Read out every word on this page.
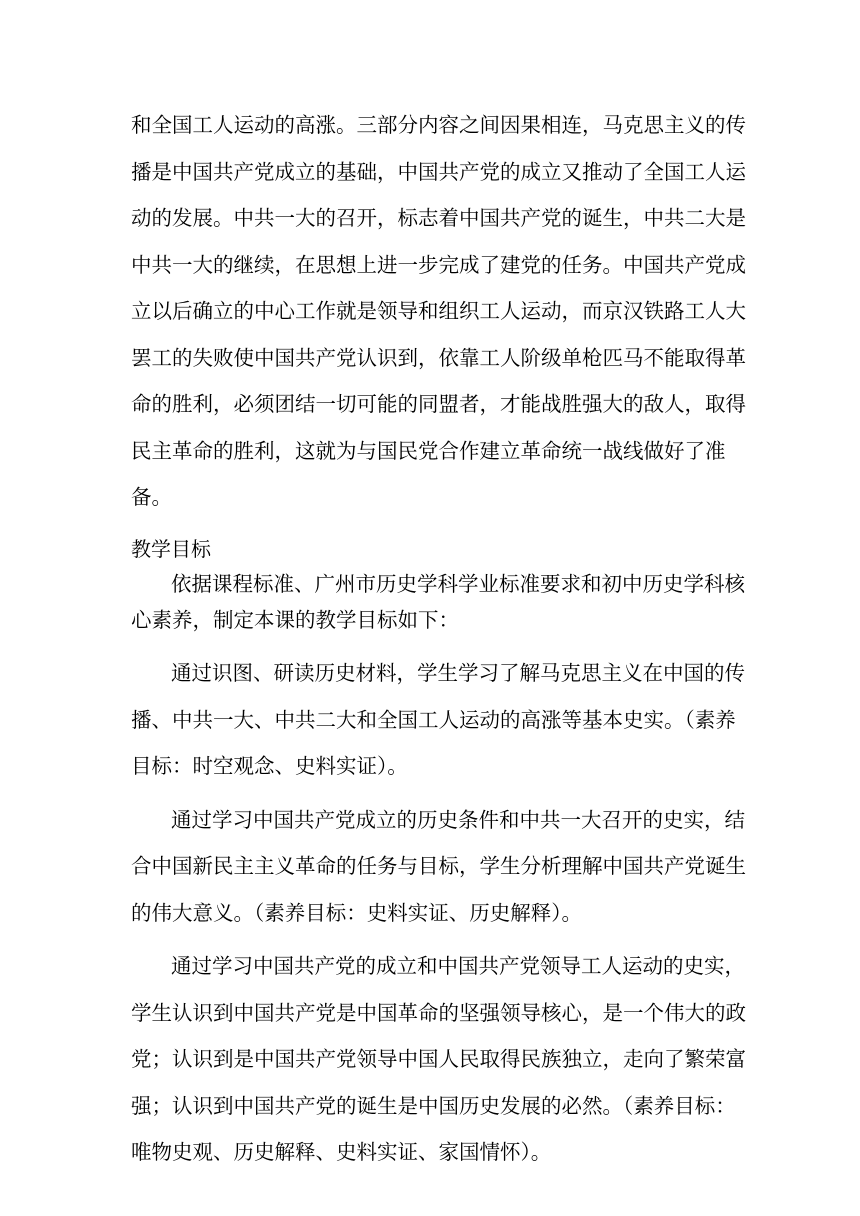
和全国工人运动的高涨。三部分内容之间因果相连，马克思主义的传
播是中国共产党成立的基础，中国共产党的成立又推动了全国工人运
动的发展。中共一大的召开，标志着中国共产党的诞生，中共二大是
中共一大的继续，在思想上进一步完成了建党的任务。中国共产党成
立以后确立的中心工作就是领导和组织工人运动，而京汉铁路工人大
罢工的失败使中国共产党认识到，依靠工人阶级单枪匹马不能取得革
命的胜利，必须团结一切可能的同盟者，才能战胜强大的敌人，取得
民主革命的胜利，这就为与国民党合作建立革命统一战线做好了准
备。
教学目标
依据课程标准、广州市历史学科学业标准要求和初中历史学科核
心素养，制定本课的教学目标如下：
通过识图、研读历史材料，学生学习了解马克思主义在中国的传
播、中共一大、中共二大和全国工人运动的高涨等基本史实。（素养
目标：时空观念、史料实证）。
通过学习中国共产党成立的历史条件和中共一大召开的史实，结
合中国新民主主义革命的任务与目标，学生分析理解中国共产党诞生
的伟大意义。（素养目标：史料实证、历史解释）。
通过学习中国共产党的成立和中国共产党领导工人运动的史实，
学生认识到中国共产党是中国革命的坚强领导核心，是一个伟大的政
党；认识到是中国共产党领导中国人民取得民族独立，走向了繁荣富
强；认识到中国共产党的诞生是中国历史发展的必然。（素养目标：
唯物史观、历史解释、史料实证、家国情怀）。
